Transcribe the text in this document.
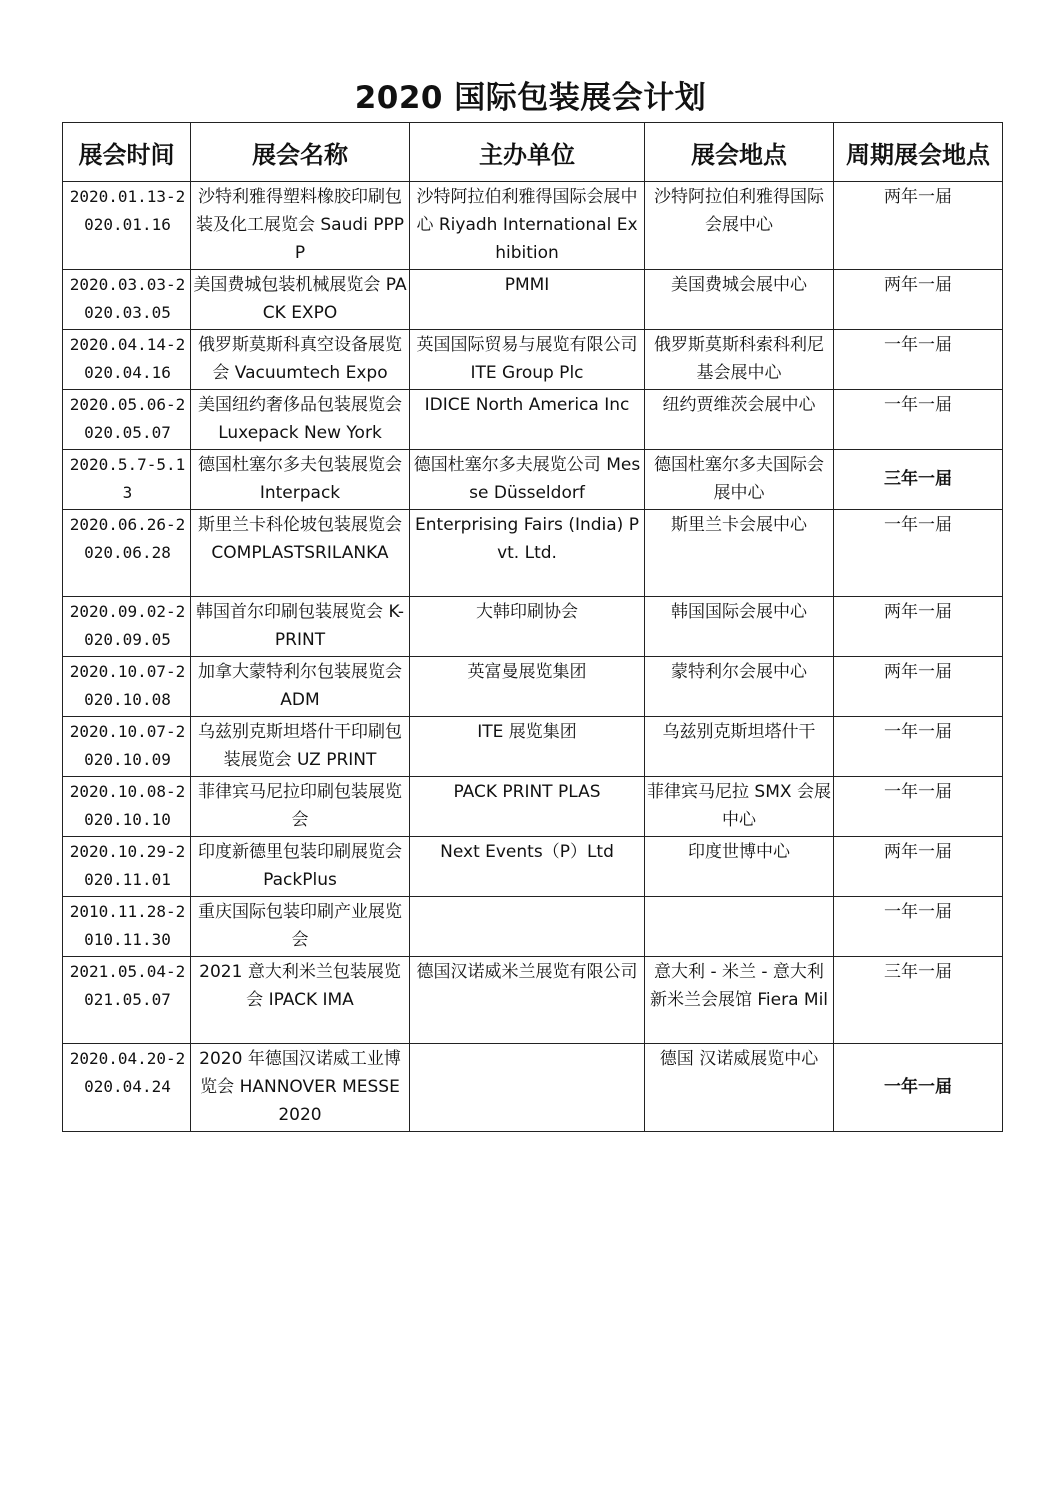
2020 国际包装展会计划
展会时间	展会名称	主办单位	展会地点	周期展会地点
2020.01.13-2020.01.16	沙特利雅得塑料橡胶印刷包装及化工展览会 Saudi PPPP	沙特阿拉伯利雅得国际会展中心 Riyadh International Exhibition	沙特阿拉伯利雅得国际会展中心	两年一届
2020.03.03-2020.03.05	美国费城包装机械展览会 PACK EXPO	PMMI	美国费城会展中心	两年一届
2020.04.14-2020.04.16	俄罗斯莫斯科真空设备展览会 Vacuumtech Expo	英国国际贸易与展览有限公司 ITE Group Plc	俄罗斯莫斯科索科利尼基会展中心	一年一届
2020.05.06-2020.05.07	美国纽约奢侈品包装展览会 Luxepack New York	IDICE North America Inc	纽约贾维茨会展中心	一年一届
2020.5.7-5.13	德国杜塞尔多夫包装展览会 Interpack	德国杜塞尔多夫展览公司 Messe Düsseldorf	德国杜塞尔多夫国际会展中心	三年一届
2020.06.26-2020.06.28	斯里兰卡科伦坡包装展览会 COMPLASTSRILANKA	Enterprising Fairs (India) Pvt. Ltd.	斯里兰卡会展中心	一年一届
2020.09.02-2020.09.05	韩国首尔印刷包装展览会 K-PRINT	大韩印刷协会	韩国国际会展中心	两年一届
2020.10.07-2020.10.08	加拿大蒙特利尔包装展览会 ADM	英富曼展览集团	蒙特利尔会展中心	两年一届
2020.10.07-2020.10.09	乌兹别克斯坦塔什干印刷包装展览会 UZ PRINT	ITE 展览集团	乌兹别克斯坦塔什干	一年一届
2020.10.08-2020.10.10	菲律宾马尼拉印刷包装展览会	PACK PRINT PLAS	菲律宾马尼拉 SMX 会展中心	一年一届
2020.10.29-2020.11.01	印度新德里包装印刷展览会 PackPlus	Next Events（P）Ltd	印度世博中心	两年一届
2010.11.28-2010.11.30	重庆国际包装印刷产业展览会			一年一届
2021.05.04-2021.05.07	2021 意大利米兰包装展览会 IPACK IMA	德国汉诺威米兰展览有限公司	意大利 - 米兰 - 意大利新米兰会展馆 Fiera Mil	三年一届
2020.04.20-2020.04.24	2020 年德国汉诺威工业博览会 HANNOVER MESSE 2020		德国 汉诺威展览中心	一年一届
